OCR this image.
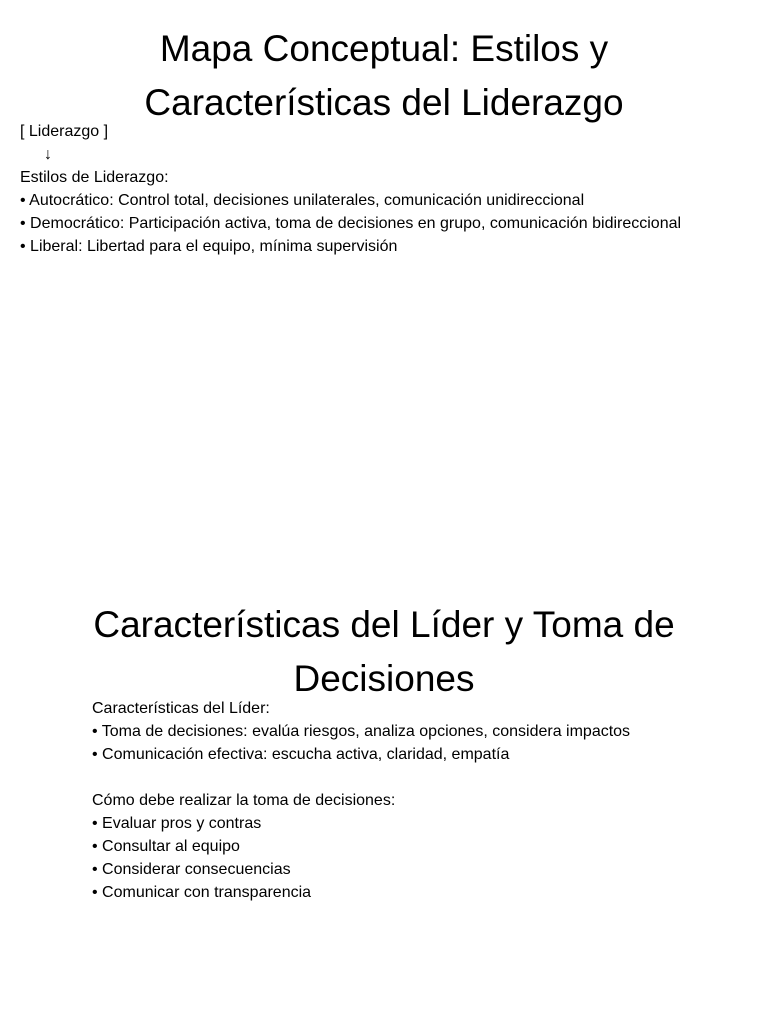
Mapa Conceptual: Estilos y
Características del Liderazgo
[ Liderazgo ]
↓
Estilos de Liderazgo:
• Autocrático: Control total, decisiones unilaterales, comunicación unidireccional
• Democrático: Participación activa, toma de decisiones en grupo, comunicación bidireccional
• Liberal: Libertad para el equipo, mínima supervisión
Características del Líder y Toma de
Decisiones
Características del Líder:
• Toma de decisiones: evalúa riesgos, analiza opciones, considera impactos
• Comunicación efectiva: escucha activa, claridad, empatía
Cómo debe realizar la toma de decisiones:
• Evaluar pros y contras
• Consultar al equipo
• Considerar consecuencias
• Comunicar con transparencia
